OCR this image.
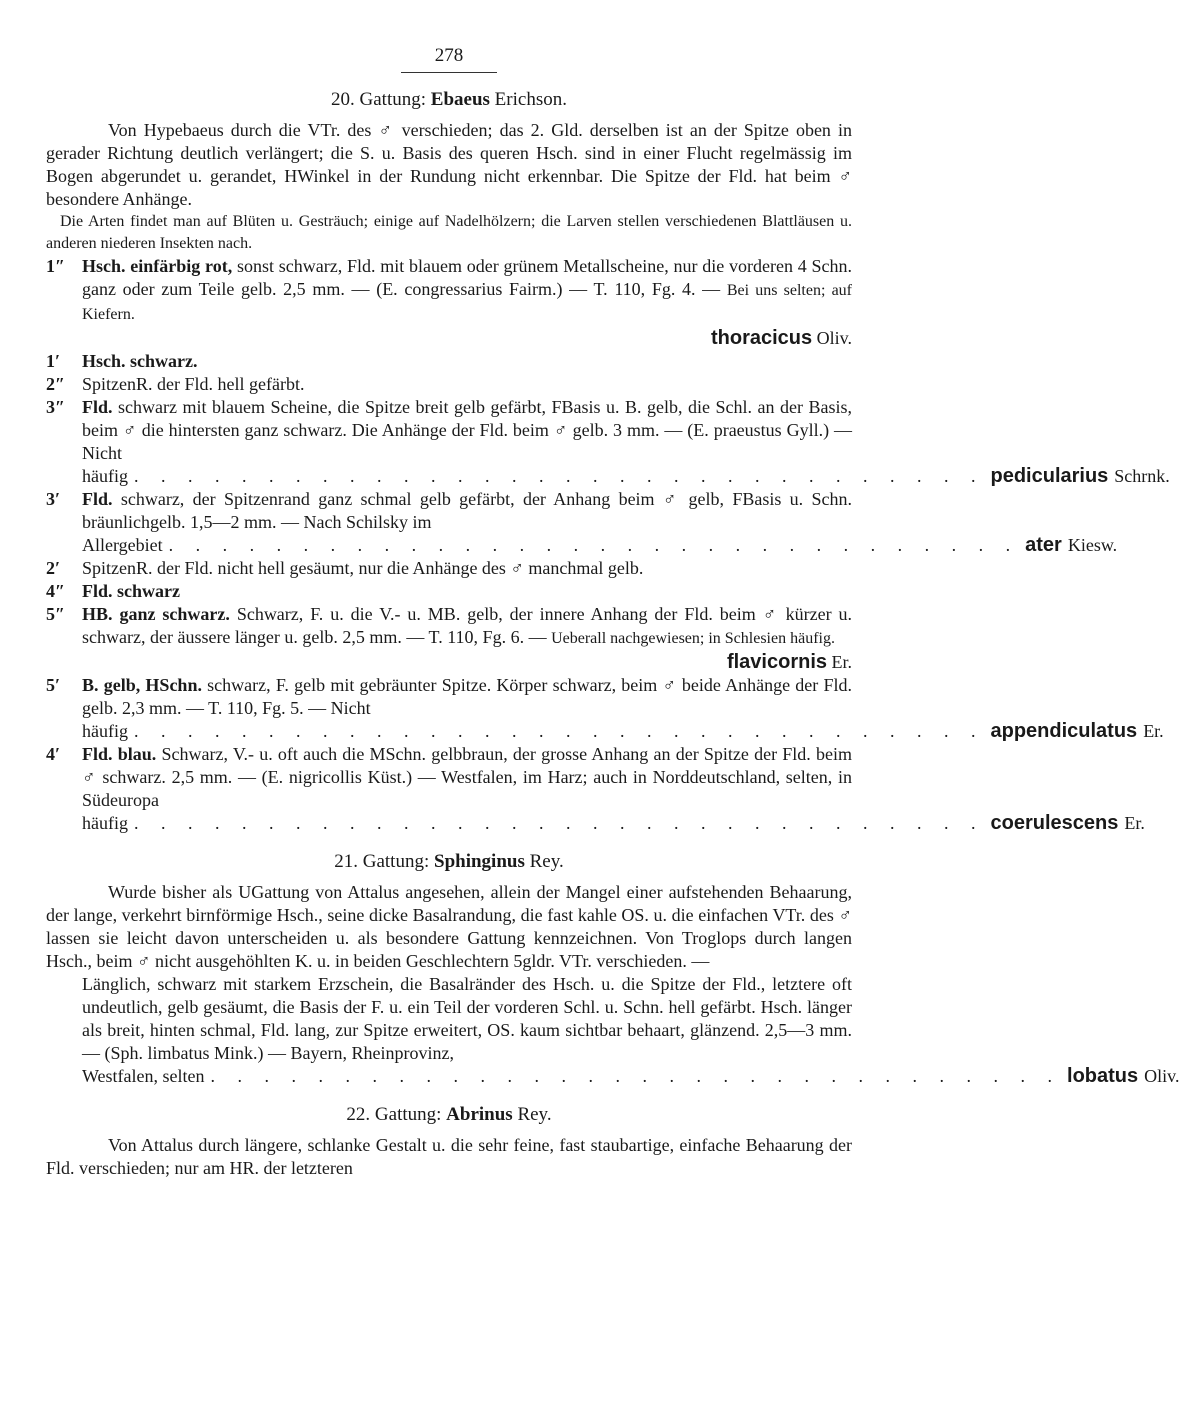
278
20. Gattung: Ebaeus Erichson.

Von Hypebaeus durch die VTr. des ♂ verschieden; das 2. Gld. derselben ist an der Spitze oben in gerader Richtung deutlich verlängert; die S. u. Basis des queren Hsch. sind in einer Flucht regelmässig im Bogen abgerundet u. gerandet, HWinkel in der Rundung nicht erkennbar. Die Spitze der Fld. hat beim ♂ besondere Anhänge.

Die Arten findet man auf Blüten u. Gesträuch; einige auf Nadelhölzern; die Larven stellen verschiedenen Blattläusen u. anderen niederen Insekten nach.

1″ Hsch. einfärbig rot, sonst schwarz, Fld. mit blauem oder grünem Metallscheine, nur die vorderen 4 Schn. ganz oder zum Teile gelb. 2,5 mm. — (E. congressarius Fairm.) — T. 110, Fg. 4. — Bei uns selten; auf Kiefern.
thoracicus Oliv.
1′ Hsch. schwarz.
2″ SpitzenR. der Fld. hell gefärbt.
3″ Fld. schwarz mit blauem Scheine, die Spitze breit gelb gefärbt, FBasis u. B. gelb, die Schl. an der Basis, beim ♂ die hintersten ganz schwarz. Die Anhänge der Fld. beim ♂ gelb. 3 mm. — (E. praeustus Gyll.) — Nicht
häufig . . . . . . . . . . . . . . . . . . . . . . . . . . . . . . . . pedicularius Schrnk.
3′ Fld. schwarz, der Spitzenrand ganz schmal gelb gefärbt, der Anhang beim ♂ gelb, FBasis u. Schn. bräunlichgelb. 1,5—2 mm. — Nach Schilsky im
Allergebiet . . . . . . . . . . . . . . . . . . . . . . . . . . . . . . . . ater Kiesw.
2′ SpitzenR. der Fld. nicht hell gesäumt, nur die Anhänge des ♂ manchmal gelb.
4″ Fld. schwarz
5″ HB. ganz schwarz. Schwarz, F. u. die V.- u. MB. gelb, der innere Anhang der Fld. beim ♂ kürzer u. schwarz, der äussere länger u. gelb. 2,5 mm. — T. 110, Fg. 6. — Ueberall nachgewiesen; in Schlesien häufig.
flavicornis Er.
5′ B. gelb, HSchn. schwarz, F. gelb mit gebräunter Spitze. Körper schwarz, beim ♂ beide Anhänge der Fld. gelb. 2,3 mm. — T. 110, Fg. 5. — Nicht
häufig . . . . . . . . . . . . . . . . . . . . . . . . . . . . . . . . appendiculatus Er.
4′ Fld. blau. Schwarz, V.- u. oft auch die MSchn. gelbbraun, der grosse Anhang an der Spitze der Fld. beim ♂ schwarz. 2,5 mm. — (E. nigricollis Küst.) — Westfalen, im Harz; auch in Norddeutschland, selten, in Südeuropa
häufig . . . . . . . . . . . . . . . . . . . . . . . . . . . . . . . . coerulescens Er.
21. Gattung: Sphinginus Rey.

Wurde bisher als UGattung von Attalus angesehen, allein der Mangel einer aufstehenden Behaarung, der lange, verkehrt birnförmige Hsch., seine dicke Basalrandung, die fast kahle OS. u. die einfachen VTr. des ♂ lassen sie leicht davon unterscheiden u. als besondere Gattung kennzeichnen. Von Troglops durch langen Hsch., beim ♂ nicht ausgehöhlten K. u. in beiden Geschlechtern 5gldr. VTr. verschieden. —

Länglich, schwarz mit starkem Erzschein, die Basalränder des Hsch. u. die Spitze der Fld., letztere oft undeutlich, gelb gesäumt, die Basis der F. u. ein Teil der vorderen Schl. u. Schn. hell gefärbt. Hsch. länger als breit, hinten schmal, Fld. lang, zur Spitze erweitert, OS. kaum sichtbar behaart, glänzend. 2,5—3 mm. — (Sph. limbatus Mink.) — Bayern, Rheinprovinz,

Westfalen, selten . . . . . . . . . . . . . . . . . . . . . . . . . . . . . . . . lobatus Oliv.
22. Gattung: Abrinus Rey.

Von Attalus durch längere, schlanke Gestalt u. die sehr feine, fast staubartige, einfache Behaarung der Fld. verschieden; nur am HR. der letzteren
